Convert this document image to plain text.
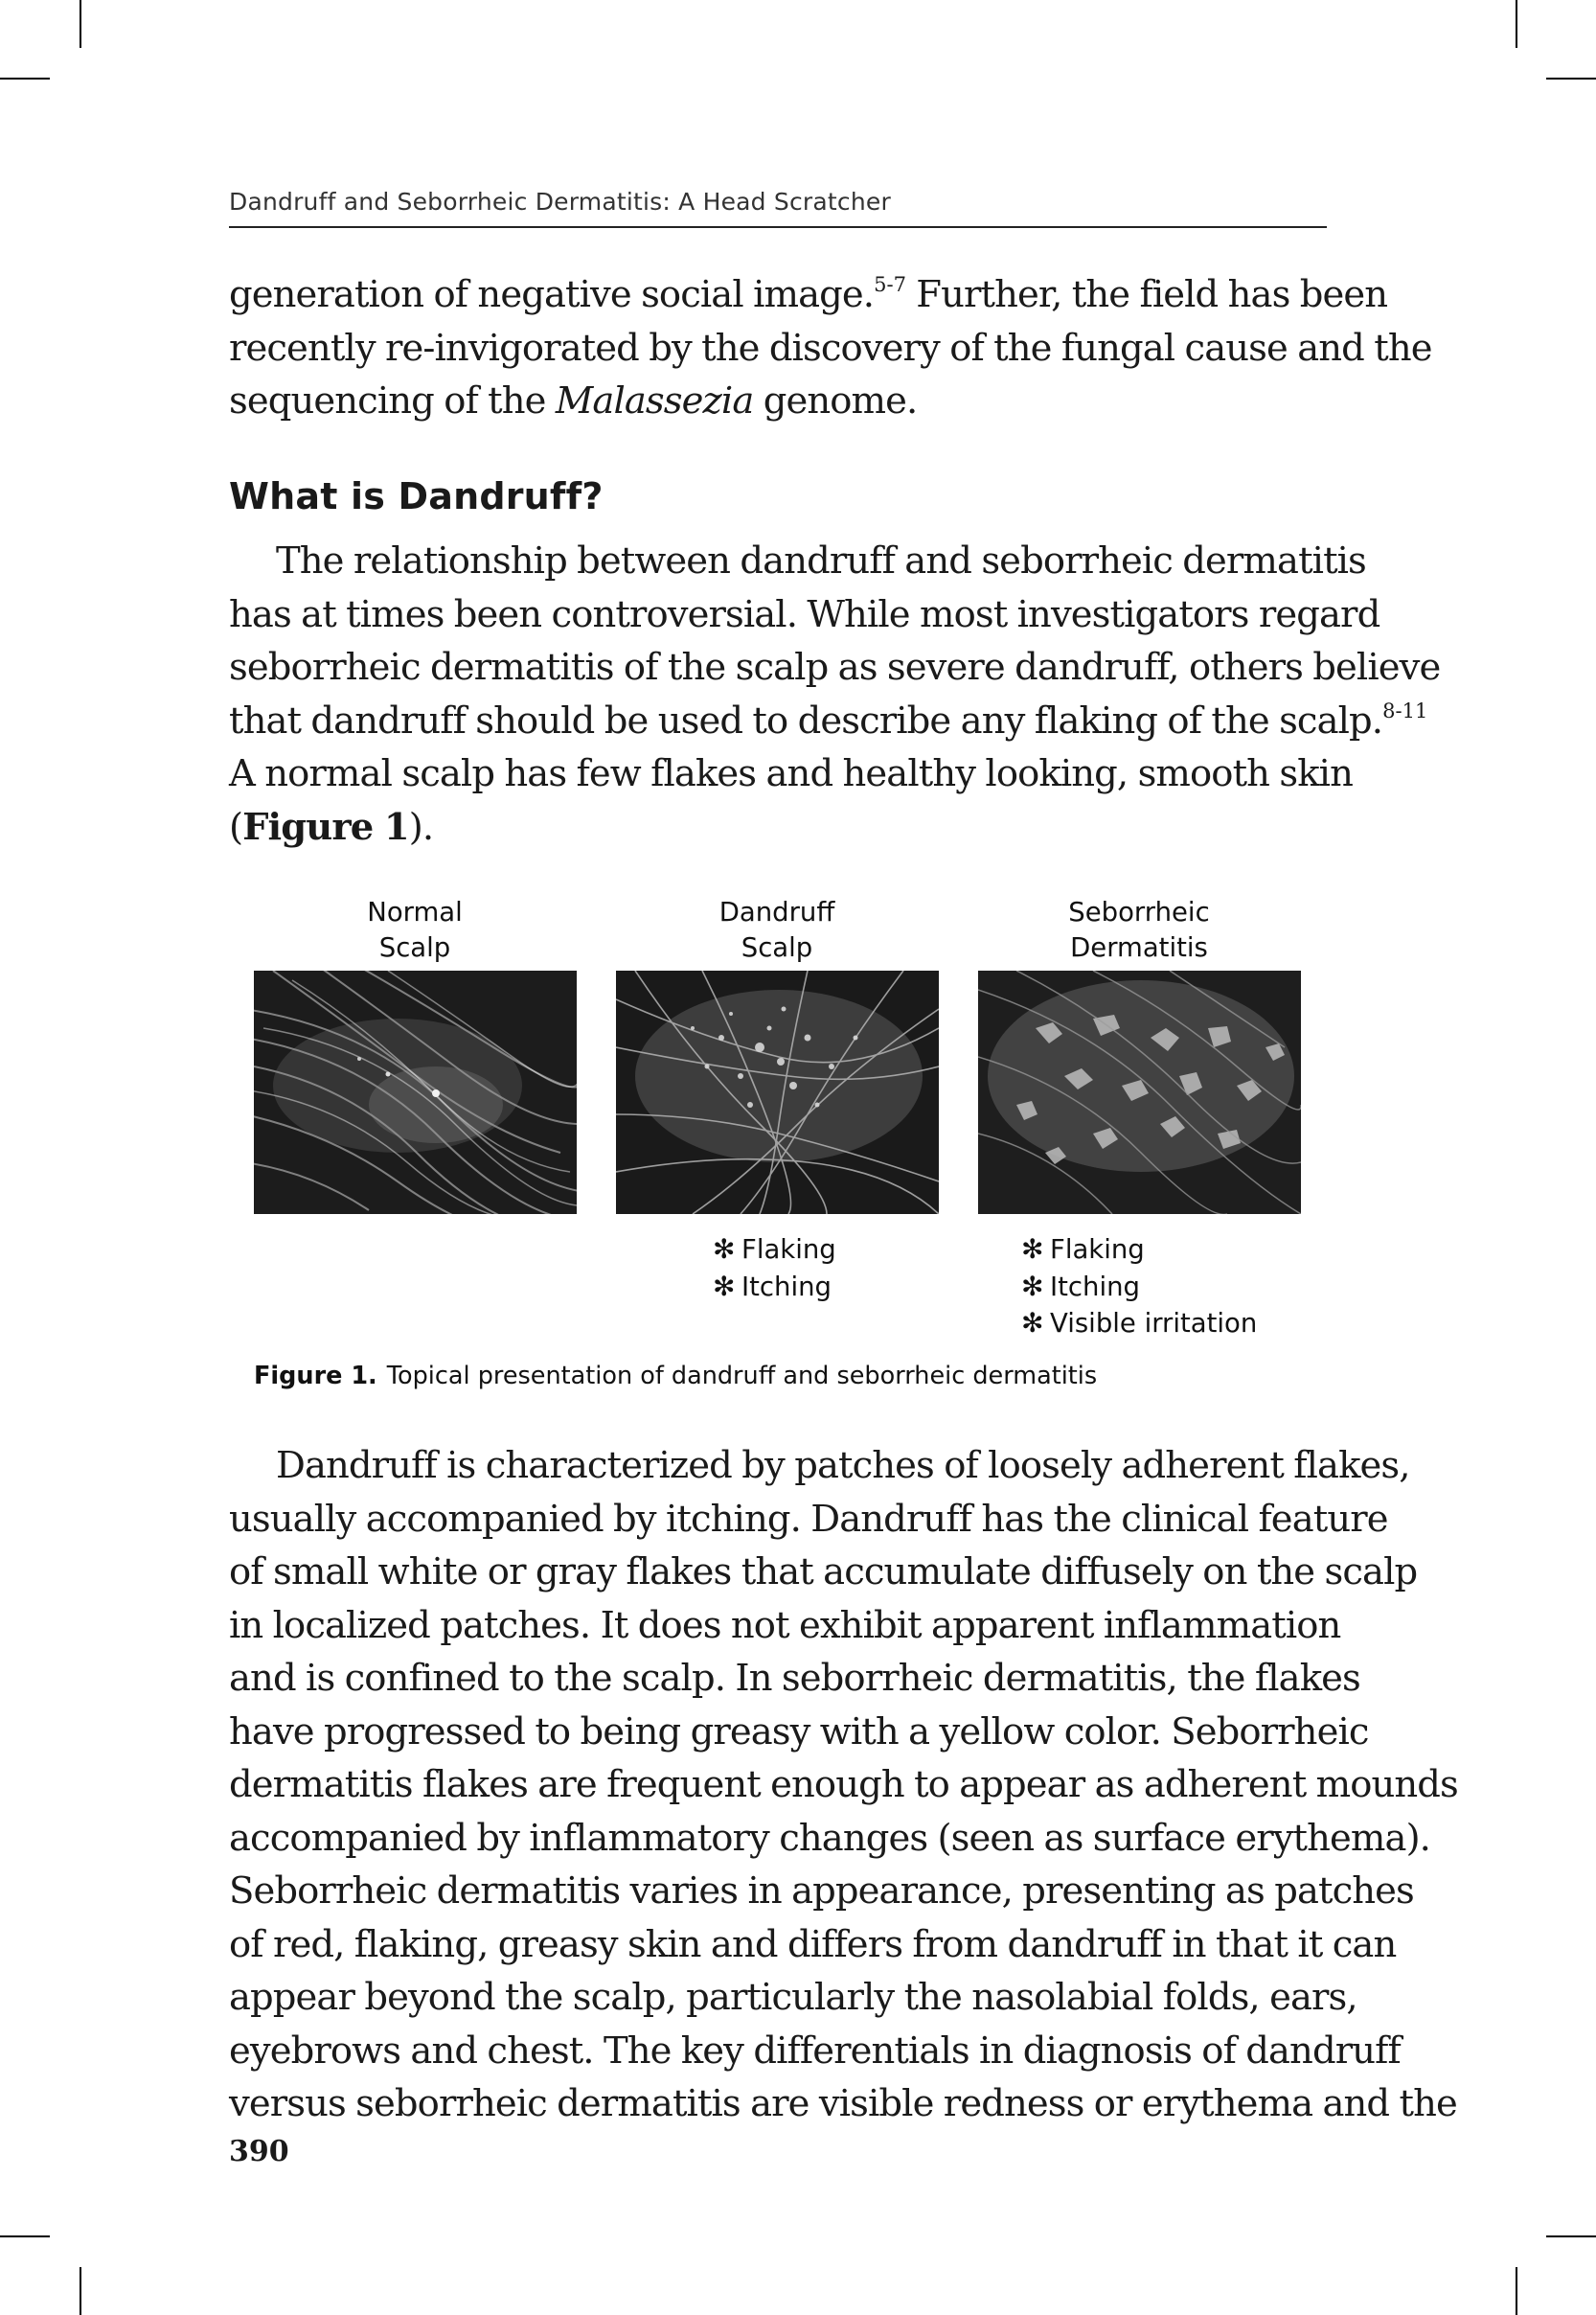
Dandruff and Seborrheic Dermatitis: A Head Scratcher
generation of negative social image.$^{5-7}$ Further, the field has been
recently re-invigorated by the discovery of the fungal cause and the
sequencing of the Malassezia genome.
What is Dandruff?
The relationship between dandruff and seborrheic dermatitis
has at times been controversial. While most investigators regard
seborrheic dermatitis of the scalp as severe dandruff, others believe
that dandruff should be used to describe any flaking of the scalp.$^{8-11}$
A normal scalp has few flakes and healthy looking, smooth skin
(Figure 1).
Normal
Scalp
Dandruff
Scalp
Seborrheic
Dermatitis
✻ Flaking
✻ Itching
✻ Flaking
✻ Itching
✻ Visible irritation
Figure 1. Topical presentation of dandruff and seborrheic dermatitis
Dandruff is characterized by patches of loosely adherent flakes,
usually accompanied by itching. Dandruff has the clinical feature
of small white or gray flakes that accumulate diffusely on the scalp
in localized patches. It does not exhibit apparent inflammation
and is confined to the scalp. In seborrheic dermatitis, the flakes
have progressed to being greasy with a yellow color. Seborrheic
dermatitis flakes are frequent enough to appear as adherent mounds
accompanied by inflammatory changes (seen as surface erythema).
Seborrheic dermatitis varies in appearance, presenting as patches
of red, flaking, greasy skin and differs from dandruff in that it can
appear beyond the scalp, particularly the nasolabial folds, ears,
eyebrows and chest. The key differentials in diagnosis of dandruff
versus seborrheic dermatitis are visible redness or erythema and the
390
